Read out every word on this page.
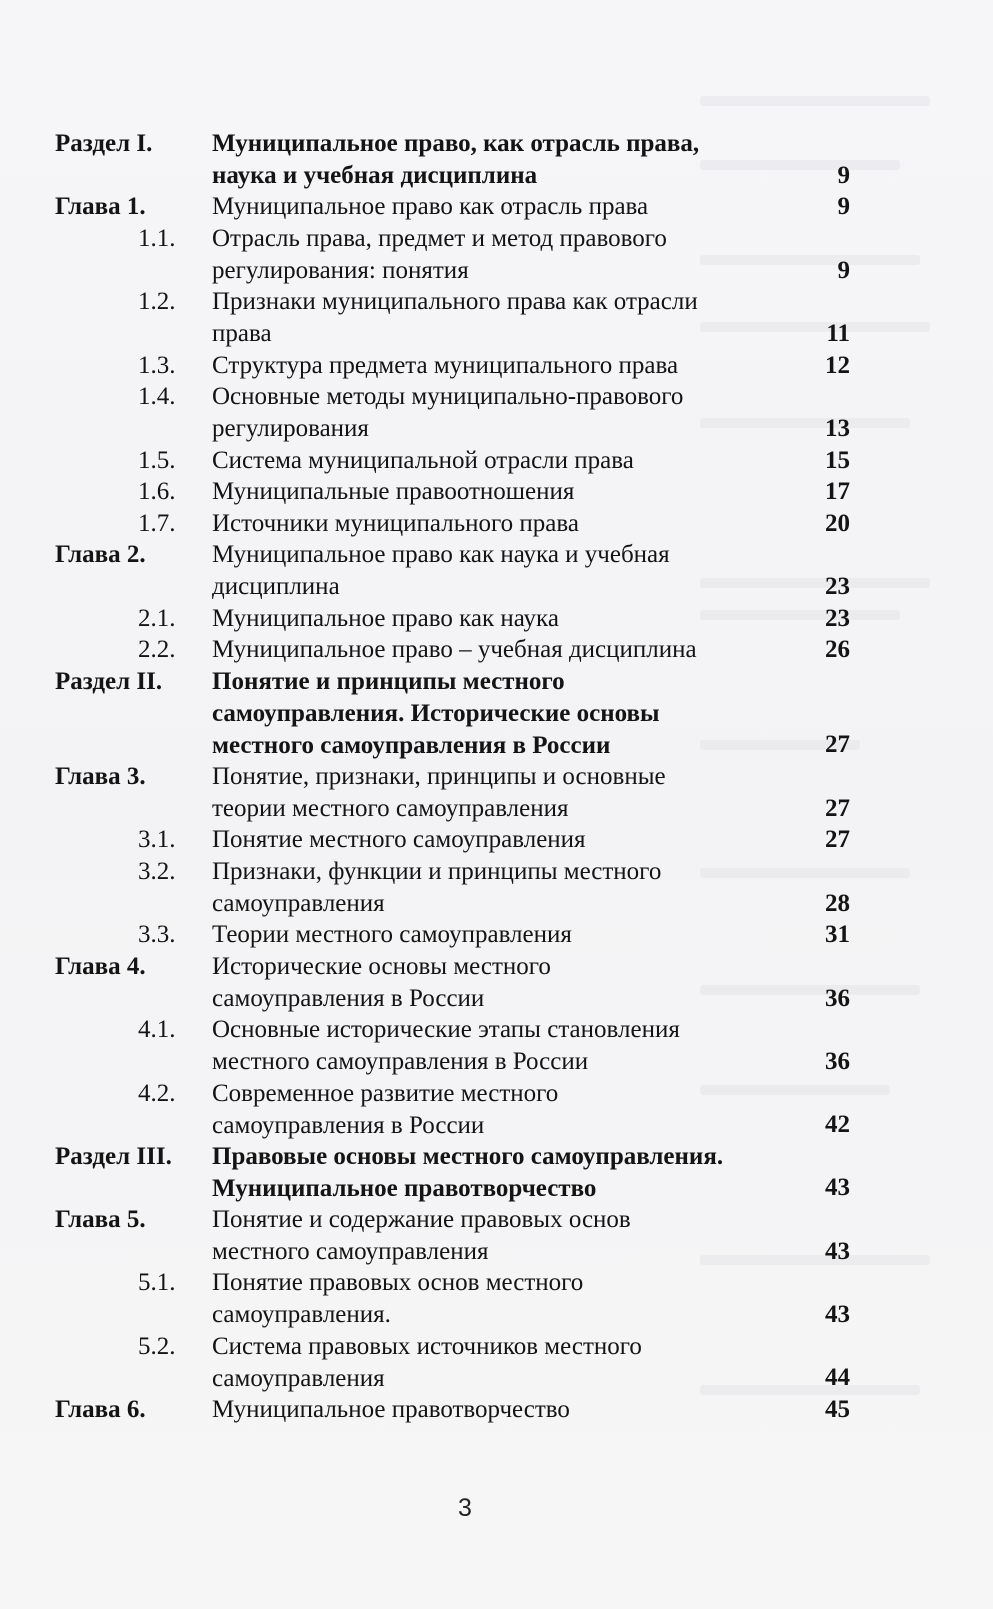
Раздел I. Муниципальное право, как отрасль права,
наука и учебная дисциплина	9
Глава 1.	Муниципальное право как отрасль права	9
1.1. Отрасль права, предмет и метод правового
регулирования: понятия	9
1.2. Признаки муниципального права как отрасли
права	11
1.3. Структура предмета муниципального права	12
1.4. Основные методы муниципально-правового
регулирования	13
1.5. Система муниципальной отрасли права	15
1.6. Муниципальные правоотношения	17
1.7. Источники муниципального права	20
Глава 2.	Муниципальное право как наука и учебная
дисциплина	23
2.1. Муниципальное право как наука	23
2.2. Муниципальное право – учебная дисциплина	26
Раздел II. Понятие и принципы местного
самоуправления. Исторические основы
местного самоуправления в России	27
Глава 3.	Понятие, признаки, принципы и основные
теории местного самоуправления	27
3.1. Понятие местного самоуправления	27
3.2. Признаки, функции и принципы местного
самоуправления	28
3.3. Теории местного самоуправления	31
Глава 4.	Исторические основы местного
самоуправления в России	36
4.1. Основные исторические этапы становления
местного самоуправления в России	36
4.2. Современное развитие местного
самоуправления в России	42
Раздел III. Правовые основы местного самоуправления.
Муниципальное правотворчество	43
Глава 5.	Понятие и содержание правовых основ
местного самоуправления	43
5.1. Понятие правовых основ местного
самоуправления.	43
5.2. Система правовых источников местного
самоуправления	44
Глава 6.	Муниципальное правотворчество	45
3
